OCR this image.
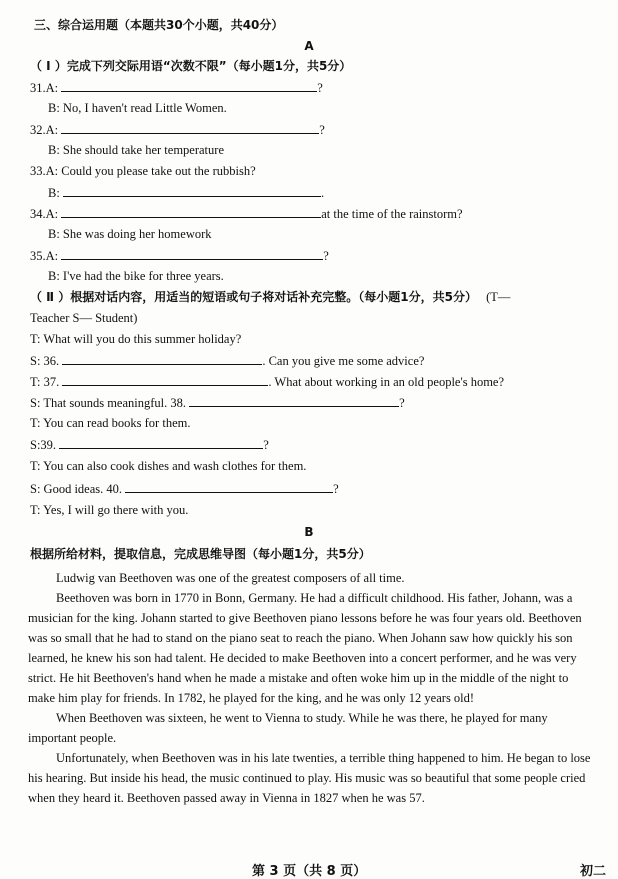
三、综合运用题（本题共30个小题，共40分）
A
（ Ⅰ ）完成下列交际用语“次数不限”（每小题1分，共5分）
31.A:	?
B: No, I haven't read Little Women.
32.A:	?
B: She should take her temperature
33.A: Could you please take out the rubbish?
B:	.
34.A:	at the time of the rainstorm?
B: She was doing her homework
35.A:	?
B: I've had the bike for three years.
（ Ⅱ ）根据对话内容，用适当的短语或句子将对话补充完整。（每小题1分，共5分） (T—
Teacher S— Student)
T: What will you do this summer holiday?
S: 36.	. Can you give me some advice?
T: 37.	. What about working in an old people's home?
S: That sounds meaningful. 38.	?
T: You can read books for them.
S:39.	?
T: You can also cook dishes and wash clothes for them.
S: Good ideas. 40.	?
T: Yes, I will go there with you.
B
根据所给材料，提取信息，完成思维导图（每小题1分，共5分）

Ludwig van Beethoven was one of the greatest composers of all time.

Beethoven was born in 1770 in Bonn, Germany. He had a difficult childhood. His father, Johann, was a musician for the king. Johann started to give Beethoven piano lessons before he was four years old. Beethoven was so small that he had to stand on the piano seat to reach the piano. When Johann saw how quickly his son learned, he knew his son had talent. He decided to make Beethoven into a concert performer, and he was very strict. He hit Beethoven's hand when he made a mistake and often woke him up in the middle of the night to make him play for friends. In 1782, he played for the king, and he was only 12 years old!

When Beethoven was sixteen, he went to Vienna to study. While he was there, he played for many important people.

Unfortunately, when Beethoven was in his late twenties, a terrible thing happened to him. He began to lose his hearing. But inside his head, the music continued to play. His music was so beautiful that some people cried when they heard it. Beethoven passed away in Vienna in 1827 when he was 57.

第 3 页（共 8 页）	初二
